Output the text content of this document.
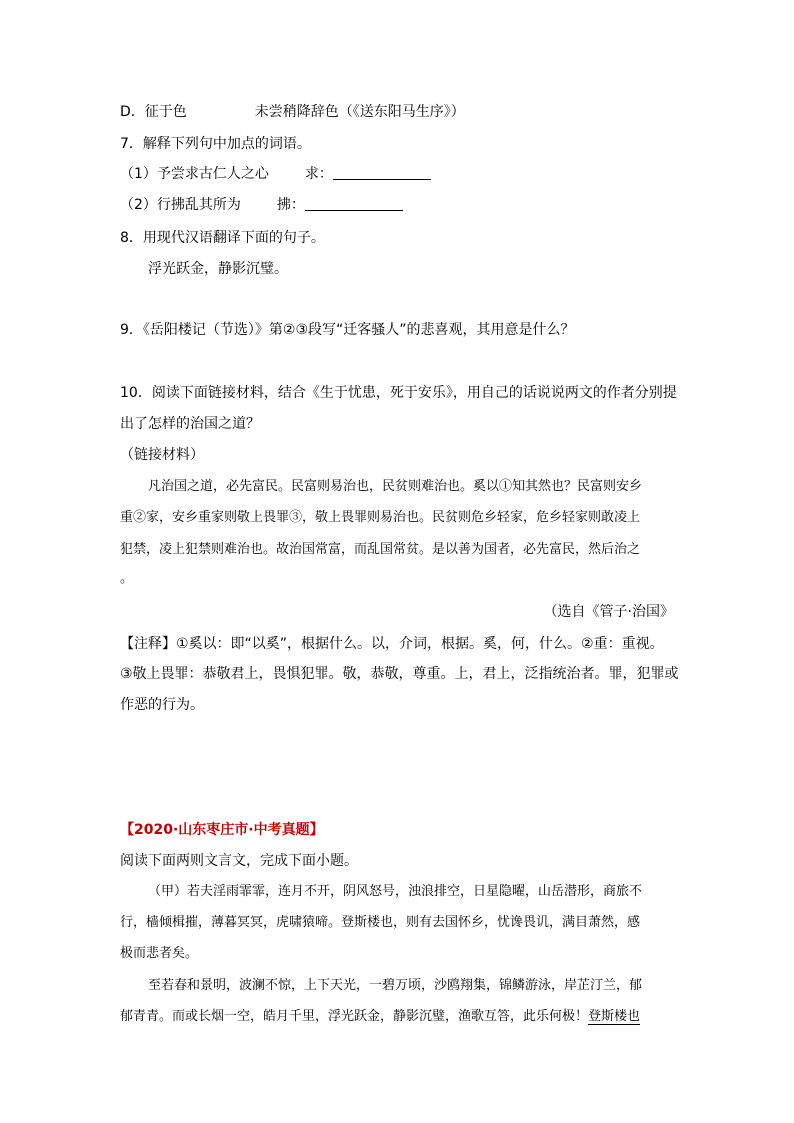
D．征于色	未尝稍降辞色（《送东阳马生序》）
7．解释下列句中加点的词语。
（1）予尝求古仁人之心	求：
（2）行拂乱其所为	拂：
8．用现代汉语翻译下面的句子。
浮光跃金，静影沉璧。
9．《岳阳楼记（节选）》第②③段写“迁客骚人”的悲喜观，其用意是什么？
10．阅读下面链接材料，结合《生于忧患，死于安乐》，用自己的话说说两文的作者分别提
出了怎样的治国之道？
（链接材料）
凡治国之道，必先富民。民富则易治也，民贫则难治也。奚以①知其然也？民富则安乡
重②家，安乡重家则敬上畏罪③，敬上畏罪则易治也。民贫则危乡轻家，危乡轻家则敢凌上
犯禁，凌上犯禁则难治也。故治国常富，而乱国常贫。是以善为国者，必先富民，然后治之
。
（选自《管子·治国》
【注释】①奚以：即“以奚”，根据什么。以，介词，根据。奚，何，什么。②重：重视。
③敬上畏罪：恭敬君上，畏惧犯罪。敬，恭敬，尊重。上，君上，泛指统治者。罪，犯罪或
作恶的行为。
【2020·山东枣庄市·中考真题】
阅读下面两则文言文，完成下面小题。
（甲）若夫淫雨霏霏，连月不开，阴风怒号，浊浪排空，日星隐曜，山岳潜形，商旅不
行，樯倾楫摧，薄暮冥冥，虎啸猿啼。登斯楼也，则有去国怀乡，忧谗畏讥，满目萧然，感
极而悲者矣。
至若春和景明，波澜不惊，上下天光，一碧万顷，沙鸥翔集，锦鳞游泳，岸芷汀兰，郁
郁青青。而或长烟一空，皓月千里，浮光跃金，静影沉璧，渔歌互答，此乐何极！登斯楼也
